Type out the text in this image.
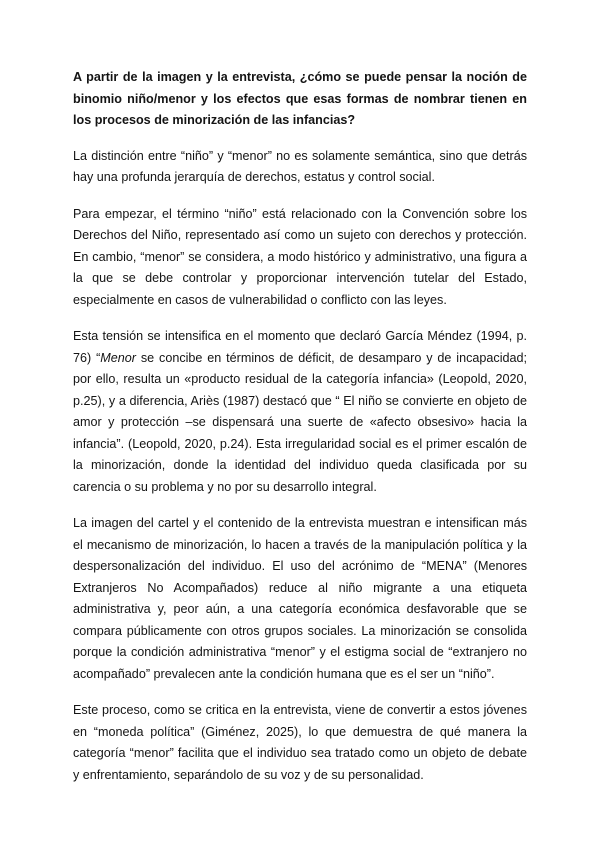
A partir de la imagen y la entrevista, ¿cómo se puede pensar la noción de binomio niño/menor y los efectos que esas formas de nombrar tienen en los procesos de minorización de las infancias?

La distinción entre “niño” y “menor” no es solamente semántica, sino que detrás hay una profunda jerarquía de derechos, estatus y control social.

Para empezar, el término “niño” está relacionado con la Convención sobre los Derechos del Niño, representado así como un sujeto con derechos y protección. En cambio, “menor” se considera, a modo histórico y administrativo, una figura a la que se debe controlar y proporcionar intervención tutelar del Estado, especialmente en casos de vulnerabilidad o conflicto con las leyes.

Esta tensión se intensifica en el momento que declaró García Méndez (1994, p. 76) “Menor se concibe en términos de déficit, de desamparo y de incapacidad; por ello, resulta un «producto residual de la categoría infancia» (Leopold, 2020, p.25), y a diferencia, Ariès (1987) destacó que “ El niño se convierte en objeto de amor y protección –se dispensará una suerte de «afecto obsesivo» hacia la infancia”. (Leopold, 2020, p.24). Esta irregularidad social es el primer escalón de la minorización, donde la identidad del individuo queda clasificada por su carencia o su problema y no por su desarrollo integral.

La imagen del cartel y el contenido de la entrevista muestran e intensifican más el mecanismo de minorización, lo hacen a través de la manipulación política y la despersonalización del individuo. El uso del acrónimo de “MENA” (Menores Extranjeros No Acompañados) reduce al niño migrante a una etiqueta administrativa y, peor aún, a una categoría económica desfavorable que se compara públicamente con otros grupos sociales. La minorización se consolida porque la condición administrativa “menor” y el estigma social de “extranjero no acompañado” prevalecen ante la condición humana que es el ser un “niño”.

Este proceso, como se critica en la entrevista, viene de convertir a estos jóvenes en “moneda política” (Giménez, 2025), lo que demuestra de qué manera la categoría “menor” facilita que el individuo sea tratado como un objeto de debate y enfrentamiento, separándolo de su voz y de su personalidad.
